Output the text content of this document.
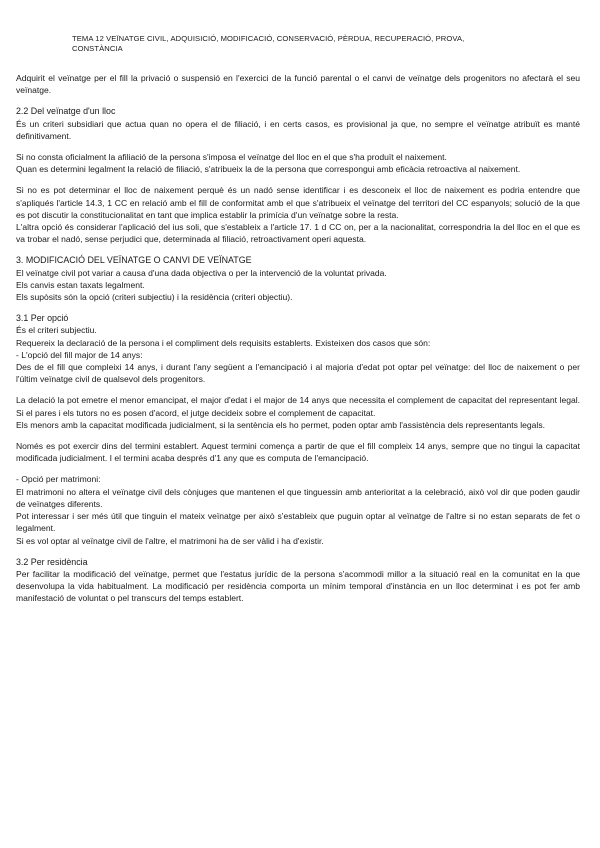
TEMA 12 VEÏNATGE CIVIL, ADQUISICIÓ, MODIFICACIÓ, CONSERVACIÓ, PÈRDUA, RECUPERACIÓ, PROVA,
CONSTÀNCIA

Adquirit el veïnatge per el fill la privació o suspensió en l'exercici de la funció parental o el canvi de veïnatge dels progenitors no afectarà el seu veïnatge.

2.2 Del veïnatge d'un lloc

És un criteri subsidiari que actua quan no opera el de filiació, i en certs casos, es provisional ja que, no sempre el veïnatge atribuït es manté definitivament.

Si no consta oficialment la afiliació de la persona s'imposa el veïnatge del lloc en el que s'ha produït el naixement.

Quan es determini legalment la relació de filiació, s'atribueix la de la persona que correspongui amb eficàcia retroactiva al naixement.

Si no es pot determinar el lloc de naixement perquè és un nadó sense identificar i es desconeix el lloc de naixement es podria entendre que s'apliqués l'article 14.3, 1 CC en relació amb el fill de conformitat amb el que s'atribueix el veïnatge del territori del CC espanyols; solució de la que es pot discutir la constitucionalitat en tant que implica establir la primícia d'un veïnatge sobre la resta.

L'altra opció és considerar l'aplicació del ius soli, que s'estableix a l'article 17. 1 d CC on, per a la nacionalitat, correspondria la del lloc en el que es va trobar el nadó, sense perjudici que, determinada al filiació, retroactivament operi aquesta.

3. MODIFICACIÓ DEL VEÏNATGE O CANVI DE VEÏNATGE

El veïnatge civil pot variar a causa d'una dada objectiva o per la intervenció de la voluntat privada.

Els canvis estan taxats legalment.

Els supòsits són la opció (criteri subjectiu) i la residència (criteri objectiu).

3.1 Per opció

És el criteri subjectiu.

Requereix la declaració de la persona i el compliment dels requisits establerts. Existeixen dos casos que són:

- L'opció del fill major de 14 anys:

Des de el fill que compleixi 14 anys, i durant l'any següent a l'emancipació i al majoria d'edat pot optar pel veïnatge: del lloc de naixement o per l'últim veïnatge civil de qualsevol dels progenitors.

La delació la pot emetre el menor emancipat, el major d'edat i el major de 14 anys que necessita el complement de capacitat del representant legal. Si el pares i els tutors no es posen d'acord, el jutge decideix sobre el complement de capacitat.

Els menors amb la capacitat modificada judicialment, si la sentència els ho permet, poden optar amb l'assistència dels representants legals.

Només es pot exercir dins del termini establert. Aquest termini comença a partir de que el fill compleix 14 anys, sempre que no tingui la capacitat modificada judicialment. I el termini acaba després d'1 any que es computa de l'emancipació.

- Opció per matrimoni:

El matrimoni no altera el veïnatge civil dels cònjuges que mantenen el que tinguessin amb anterioritat a la celebració, això vol dir que poden gaudir de veïnatges diferents.

Pot interessar i ser més útil que tinguin el mateix veïnatge per això s'estableix que puguin optar al veïnatge de l'altre si no estan separats de fet o legalment.

Si es vol optar al veïnatge civil de l'altre, el matrimoni ha de ser vàlid i ha d'existir.

3.2 Per residència

Per facilitar la modificació del veïnatge, permet que l'estatus jurídic de la persona s'acommodi millor a la situació real en la comunitat en la que desenvolupa la vida habitualment. La modificació per residència comporta un mínim temporal d'instància en un lloc determinat i es pot fer amb manifestació de voluntat o pel transcurs del temps establert.
